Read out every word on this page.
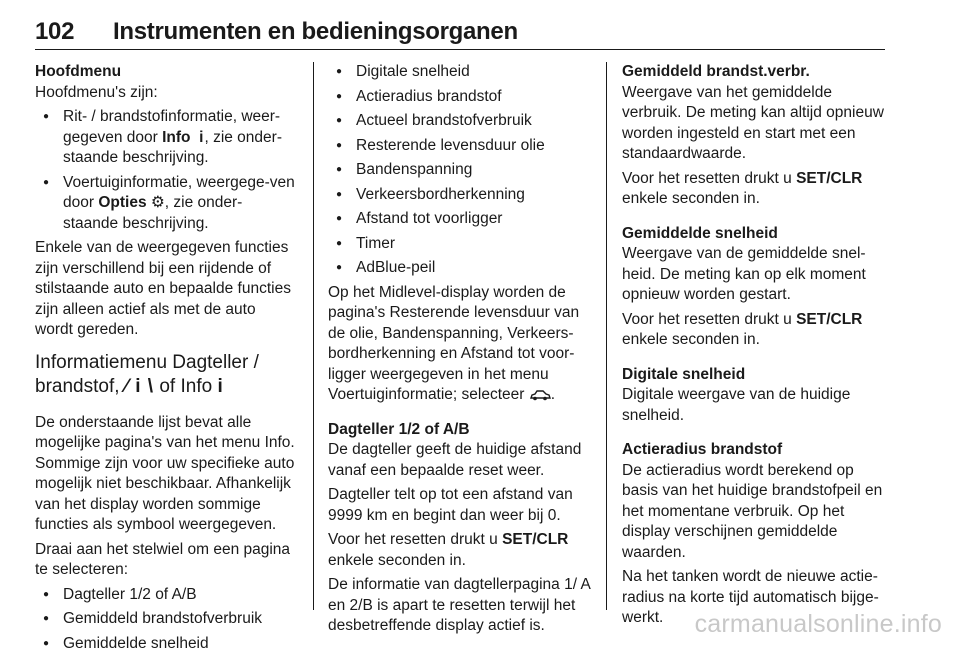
102 Instrumenten en bedieningsorganen

Hoofdmenu

Hoofdmenu's zijn:

● Rit- / brandstofinformatie, weer-gegeven door Info i, zie onder-staande beschrijving.
● Voertuiginformatie, weergege-ven door Opties ⚙, zie onder-staande beschrijving.

Enkele van de weergegeven functies zijn verschillend bij een rijdende of stilstaande auto en bepaalde functies zijn alleen actief als met de auto wordt gereden.

Informatiemenu Dagteller /
brandstof, ⁄ i \ of Info i

De onderstaande lijst bevat alle mogelijke pagina's van het menu Info. Sommige zijn voor uw specifieke auto mogelijk niet beschikbaar. Afhankelijk van het display worden sommige functies als symbool weergegeven.

Draai aan het stelwiel om een pagina te selecteren:

● Dagteller 1/2 of A/B
● Gemiddeld brandstofverbruik
● Gemiddelde snelheid
● Digitale snelheid
● Actieradius brandstof
● Actueel brandstofverbruik
● Resterende levensduur olie
● Bandenspanning
● Verkeersbordherkenning
● Afstand tot voorligger
● Timer
● AdBlue-peil

Op het Midlevel-display worden de pagina's Resterende levensduur van de olie, Bandenspanning, Verkeers-bordherkenning en Afstand tot voor-ligger weergegeven in het menu Voertuiginformatie; selecteer .

Dagteller 1/2 of A/B

De dagteller geeft de huidige afstand vanaf een bepaalde reset weer.

Dagteller telt op tot een afstand van 9999 km en begint dan weer bij 0.

Voor het resetten drukt u SET/CLR enkele seconden in.

De informatie van dagtellerpagina 1/ A en 2/B is apart te resetten terwijl het desbetreffende display actief is.

Gemiddeld brandst.verbr.

Weergave van het gemiddelde verbruik. De meting kan altijd opnieuw worden ingesteld en start met een standaardwaarde.

Voor het resetten drukt u SET/CLR enkele seconden in.

Gemiddelde snelheid

Weergave van de gemiddelde snel-heid. De meting kan op elk moment opnieuw worden gestart.

Voor het resetten drukt u SET/CLR enkele seconden in.

Digitale snelheid

Digitale weergave van de huidige snelheid.

Actieradius brandstof

De actieradius wordt berekend op basis van het huidige brandstofpeil en het momentane verbruik. Op het display verschijnen gemiddelde waarden.

Na het tanken wordt de nieuwe actie-radius na korte tijd automatisch bijge-werkt.	carmanualsonline.info
